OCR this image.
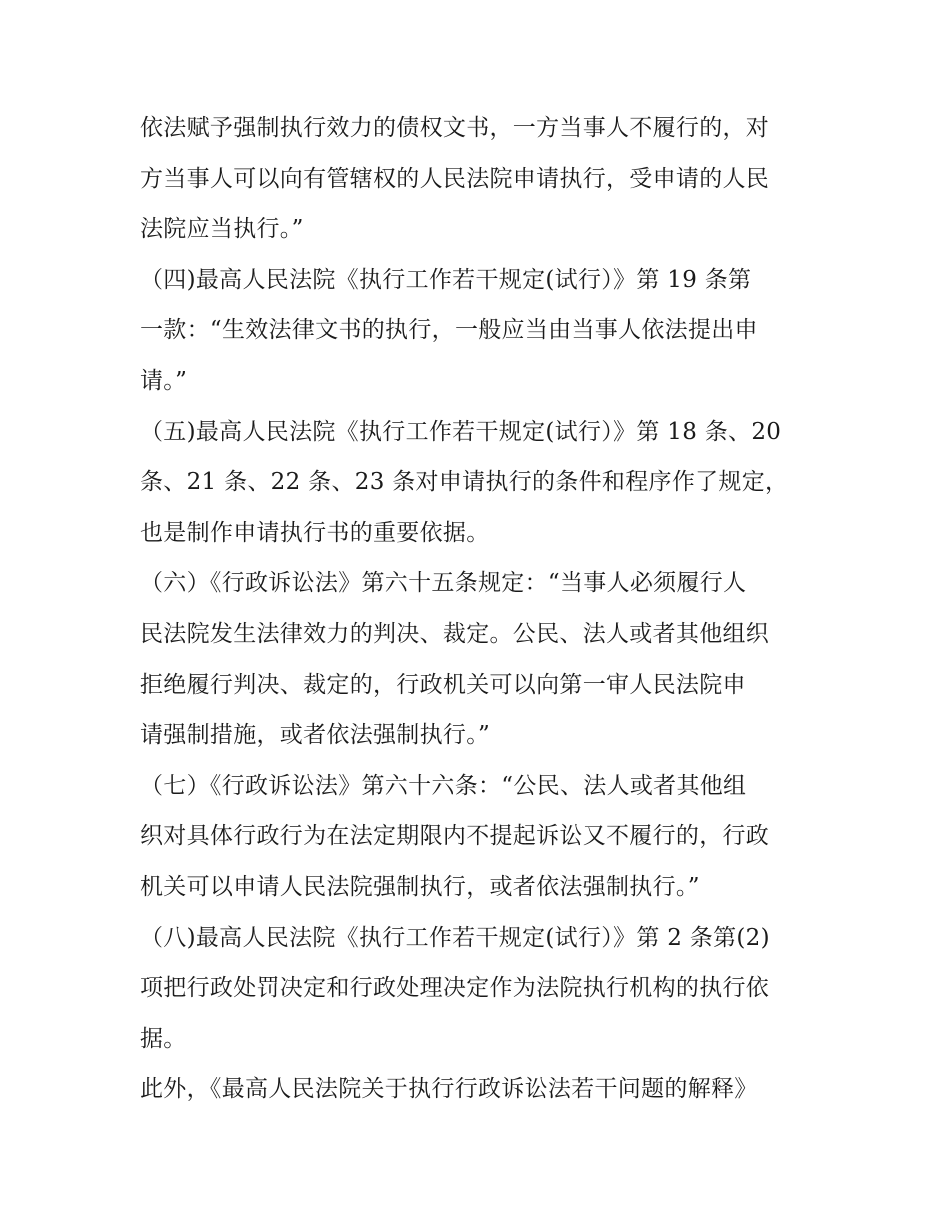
依法赋予强制执行效力的债权文书，一方当事人不履行的，对
方当事人可以向有管辖权的人民法院申请执行，受申请的人民
法院应当执行。”
（四)最高人民法院《执行工作若干规定(试行）》第 19 条第
一款：“生效法律文书的执行，一般应当由当事人依法提出申
请。”
（五)最高人民法院《执行工作若干规定(试行）》第 18 条、20
条、21 条、22 条、23 条对申请执行的条件和程序作了规定，
也是制作申请执行书的重要依据。
（六）《行政诉讼法》第六十五条规定：“当事人必须履行人
民法院发生法律效力的判决、裁定。公民、法人或者其他组织
拒绝履行判决、裁定的，行政机关可以向第一审人民法院申
请强制措施，或者依法强制执行。”
（七）《行政诉讼法》第六十六条：“公民、法人或者其他组
织对具体行政行为在法定期限内不提起诉讼又不履行的，行政
机关可以申请人民法院强制执行，或者依法强制执行。”
（八)最高人民法院《执行工作若干规定(试行）》第 2 条第(2)
项把行政处罚决定和行政处理决定作为法院执行机构的执行依
据。
此外，《最高人民法院关于执行行政诉讼法若干问题的解释》
